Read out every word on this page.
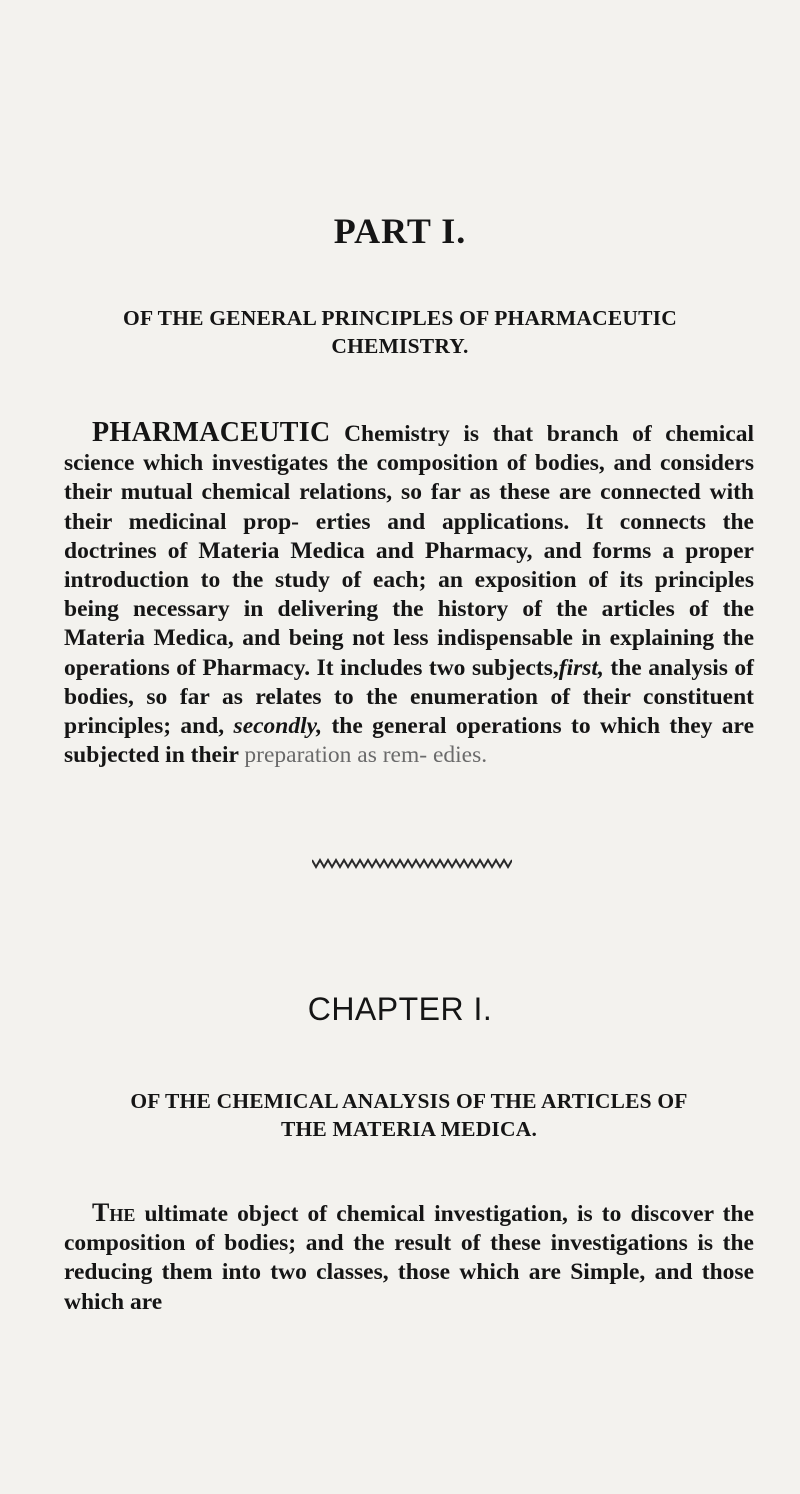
PART I.
OF THE GENERAL PRINCIPLES OF PHARMACEUTIC
CHEMISTRY.
PHARMACEUTIC Chemistry is that branch of chemical science which investigates the composition of bodies, and considers their mutual chemical relations, so far as these are connected with their medicinal prop- erties and applications. It connects the doctrines of Materia Medica and Pharmacy, and forms a proper introduction to the study of each; an exposition of its principles being necessary in delivering the history of the articles of the Materia Medica, and being not less indispensable in explaining the operations of Pharmacy. It includes two subjects,first, the analysis of bodies, so far as relates to the enumeration of their constituent principles; and, secondly, the general operations to which they are subjected in their preparation as rem- edies.
CHAPTER I.
OF THE CHEMICAL ANALYSIS OF THE ARTICLES OF
THE MATERIA MEDICA.
The ultimate object of chemical investigation, is to discover the composition of bodies; and the result of these investigations is the reducing them into two classes, those which are Simple, and those which are
